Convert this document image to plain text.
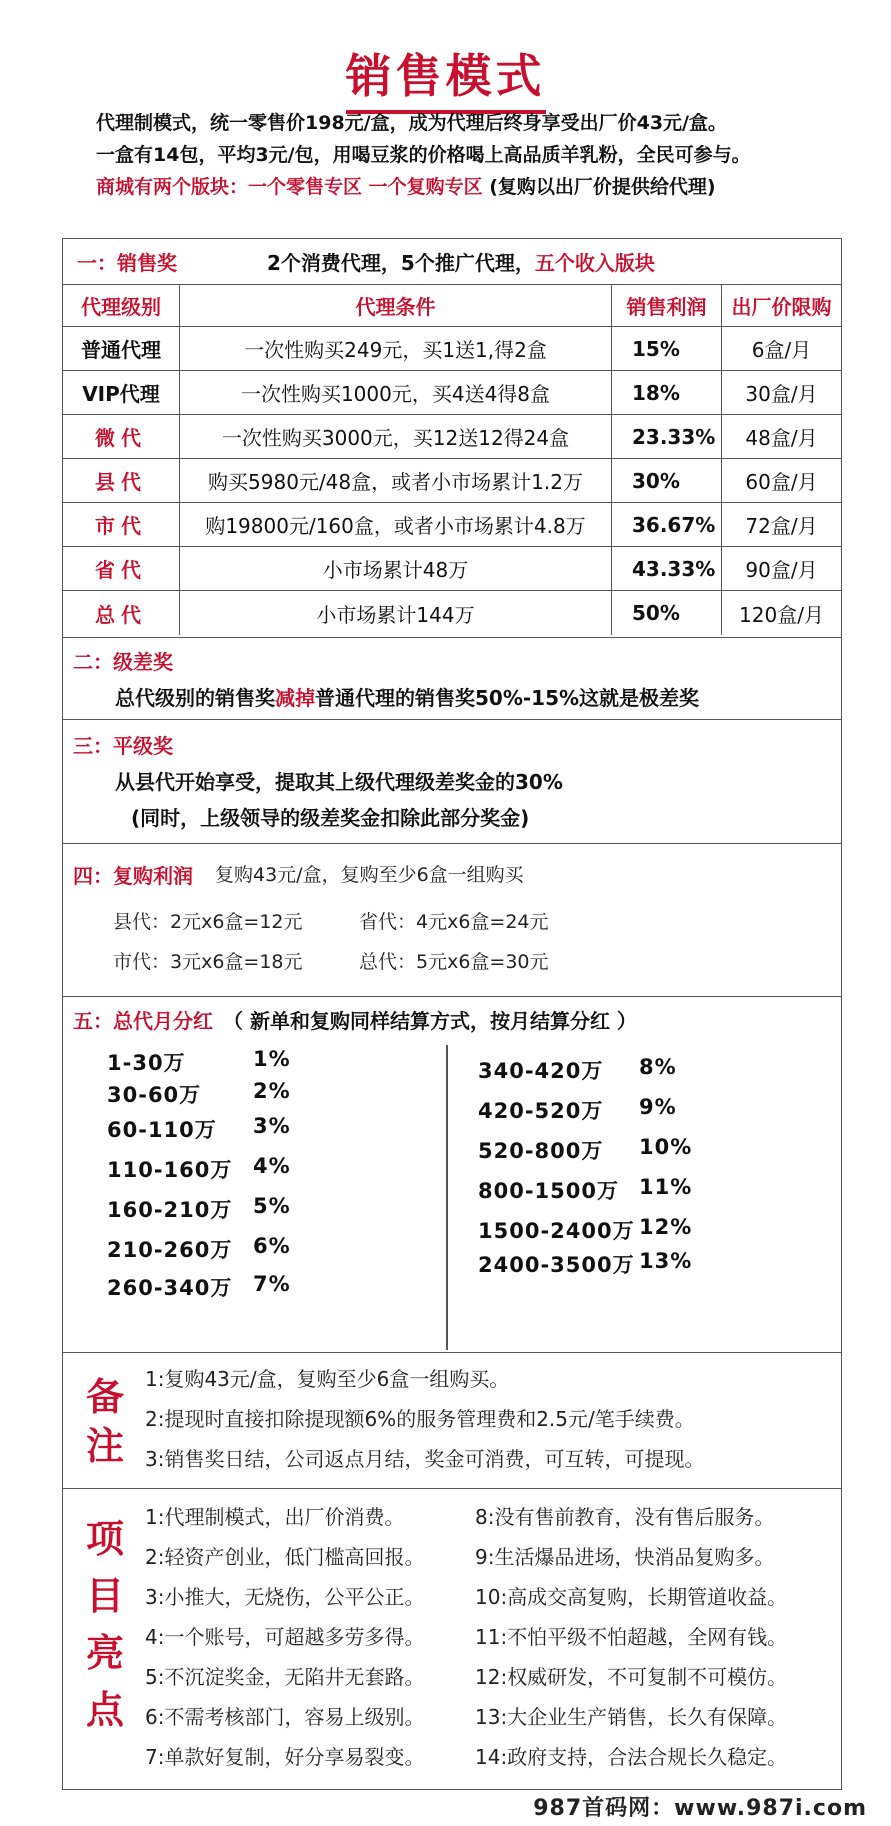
销售模式
代理制模式，统一零售价198元/盒，成为代理后终身享受出厂价43元/盒。
一盒有14包，平均3元/包，用喝豆浆的价格喝上高品质羊乳粉，全民可参与。
商城有两个版块：一个零售专区 一个复购专区 (复购以出厂价提供给代理)
一：销售奖	2个消费代理，5个推广代理， 五个收入版块
代理级别	代理条件	销售利润	出厂价限购
普通代理	一次性购买249元，买1送1,得2盒	15%	6盒/月
VIP代理	一次性购买1000元，买4送4得8盒	18%	30盒/月
微代	一次性购买3000元，买12送12得24盒	23.33%	48盒/月
县代	购买5980元/48盒，或者小市场累计1.2万	30%	60盒/月
市代	购19800元/160盒，或者小市场累计4.8万	36.67%	72盒/月
省代	小市场累计48万	43.33%	90盒/月
总代	小市场累计144万	50%	120盒/月
二：级差奖
总代级别的销售奖减掉普通代理的销售奖50%-15%这就是极差奖
三：平级奖
从县代开始享受，提取其上级代理级差奖金的30%
(同时，上级领导的级差奖金扣除此部分奖金)
四：复购利润 复购43元/盒，复购至少6盒一组购买
县代：2元x6盒=12元	省代：4元x6盒=24元
市代：3元x6盒=18元	总代：5元x6盒=30元
五：总代月分红 （ 新单和复购同样结算方式，按月结算分红 ）
1-30万	1%
30-60万 2%
60-110万 3%
110-160万 4%
160-210万 5%
210-260万 6%
260-340万 7%
340-420万 8%
420-520万 9%
520-800万 10%
800-1500万 11%
1500-2400万 12%
2400-3500万 13%
备
注
1:复购43元/盒，复购至少6盒一组购买。
2:提现时直接扣除提现额6%的服务管理费和2.5元/笔手续费。
3:销售奖日结，公司返点月结，奖金可消费，可互转，可提现。
项
目
亮
点
1:代理制模式，出厂价消费。
2:轻资产创业，低门槛高回报。
3:小推大，无烧伤，公平公正。
4:一个账号，可超越多劳多得。
5:不沉淀奖金，无陷井无套路。
6:不需考核部门，容易上级别。
7:单款好复制，好分享易裂变。
8:没有售前教育，没有售后服务。
9:生活爆品进场，快消品复购多。
10:高成交高复购，长期管道收益。
11:不怕平级不怕超越，全网有钱。
12:权威研发，不可复制不可模仿。
13:大企业生产销售，长久有保障。
14:政府支持，合法合规长久稳定。
987首码网：www.987i.com
